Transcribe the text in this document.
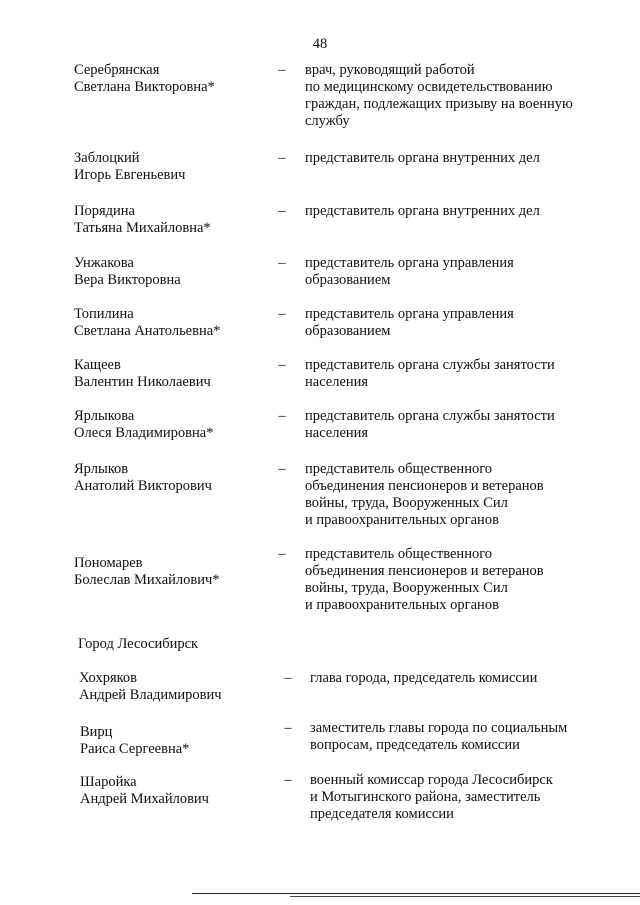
48
Серебрянская
Светлана Викторовна*
–	врач, руководящий работой
по медицинскому освидетельствованию
граждан, подлежащих призыву на военную
службу
Заблоцкий
Игорь Евгеньевич
–	представитель органа внутренних дел
Порядина
Татьяна Михайловна*
–	представитель органа внутренних дел
Унжакова
Вера Викторовна
–	представитель органа управления
образованием
Топилина
Светлана Анатольевна*
–	представитель органа управления
образованием
Кащеев
Валентин Николаевич
–	представитель органа службы занятости
населения
Ярлыкова
Олеся Владимировна*
–	представитель органа службы занятости
населения
Ярлыков
Анатолий Викторович
–	представитель общественного
объединения пенсионеров и ветеранов
войны, труда, Вооруженных Сил
и правоохранительных органов
Пономарев
Болеслав Михайлович*
–	представитель общественного
объединения пенсионеров и ветеранов
войны, труда, Вооруженных Сил
и правоохранительных органов
Город Лесосибирск
Хохряков
Андрей Владимирович
–	глава города, председатель комиссии
Вирц
Раиса Сергеевна*
–	заместитель главы города по социальным
вопросам, председатель комиссии
Шаройка
Андрей Михайлович
–	военный комиссар города Лесосибирск
и Мотыгинского района, заместитель
председателя комиссии
